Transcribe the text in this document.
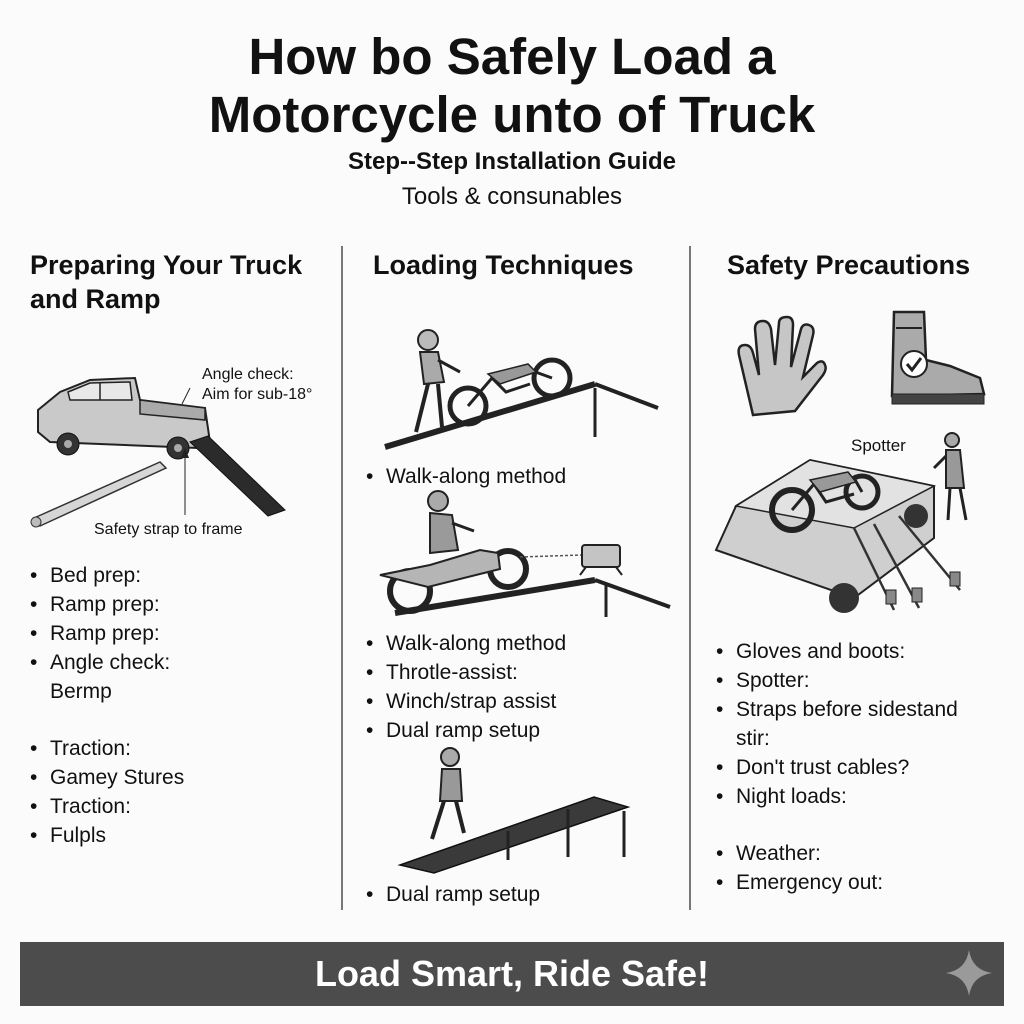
How bo Safely Load a
Motorcycle unto of Truck
Step--Step Installation Guide
Tools & consunables
Preparing Your Truck
and Ramp
Angle check:
Aim for sub-18°
Safety strap to frame
• Bed prep:
• Ramp prep:
• Ramp prep:
• Angle check:
Bermp
• Traction:
• Gamey Stures
• Traction:
• Fulpls
Loading Techniques
• Walk-along method
• Walk-along method
• Throtle-assist:
• Winch/strap assist
• Dual ramp setup
• Dual ramp setup
Safety Precautions
Spotter
• Gloves and boots:
• Spotter:
• Straps before sidestand
stir:
• Don't trust cables?
• Night loads:
• Weather:
• Emergency out:
Load Smart, Ride Safe!
